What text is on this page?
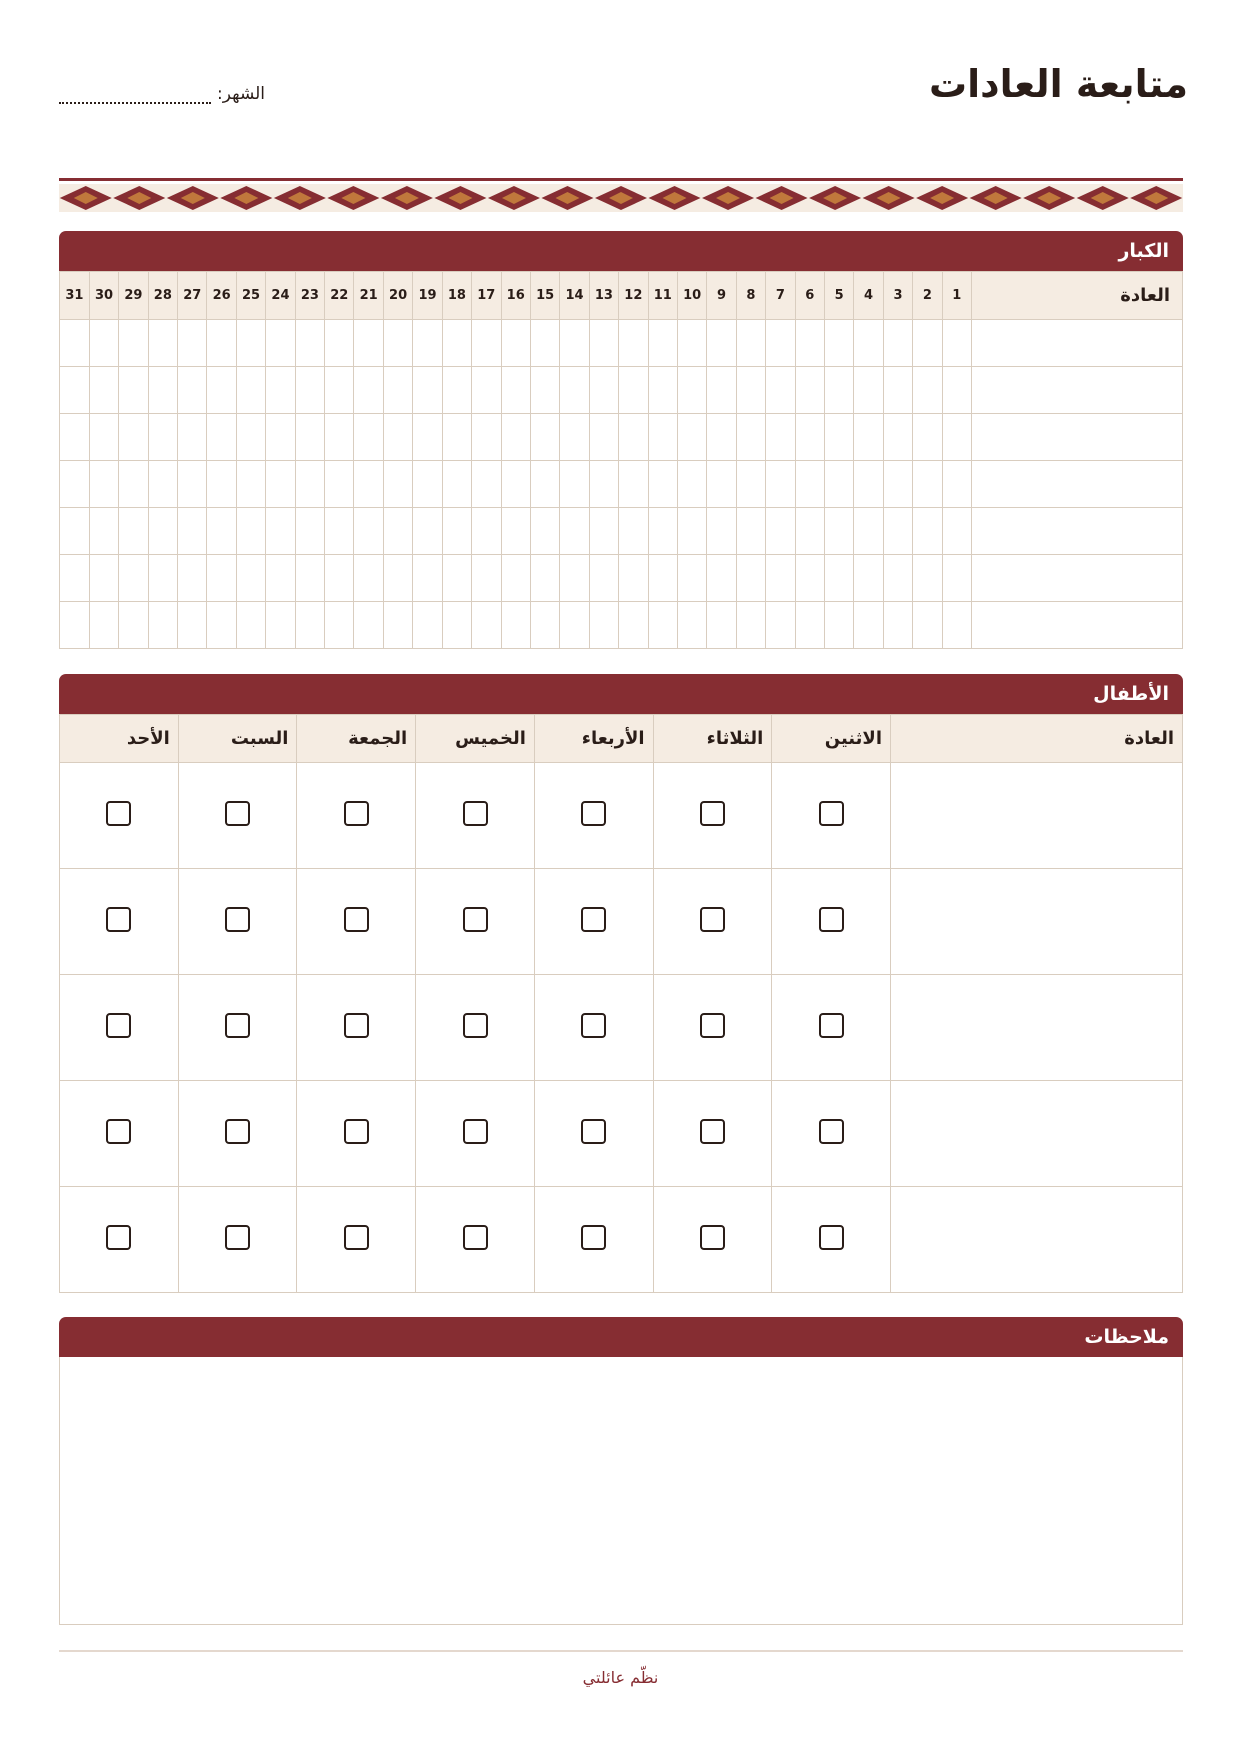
متابعة العادات
الشهر:
الكبار
العادة	1	2	3	4	5	6	7	8	9	10	11	12	13	14	15	16	17	18	19	20	21	22	23	24	25	26	27	28	29	30	31

الأطفال
العادة	الاثنين	الثلاثاء	الأربعاء	الخميس	الجمعة	السبت	الأحد

ملاحظات
نظّم عائلتي
